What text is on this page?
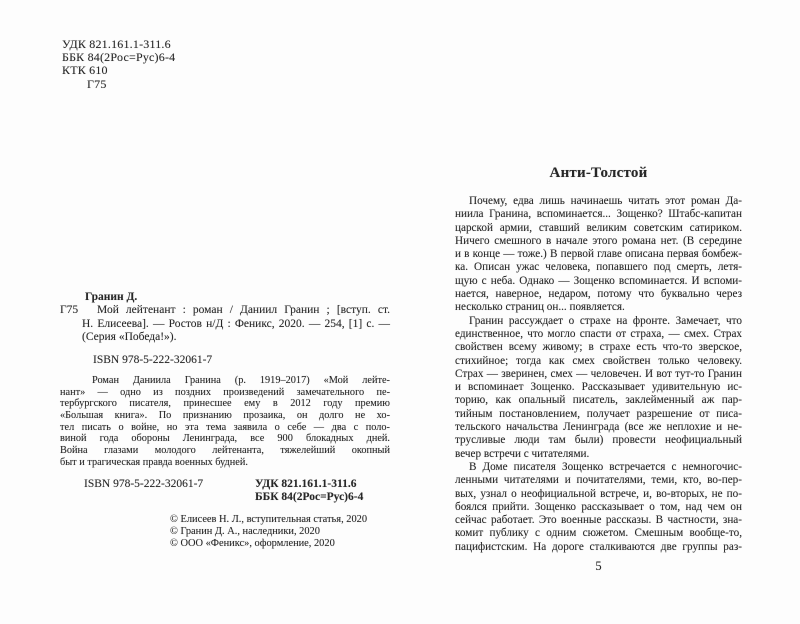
УДК 821.161.1-311.6
ББК 84(2Рос=Рус)6-4
КТК 610
Г75
Гранин Д.
Г75	Мой лейтенант : роман / Даниил Гранин ; [вступ. ст.
Н. Елисеева]. — Ростов н/Д : Феникс, 2020. — 254, [1] с. —
(Серия «Победа!»).
ISBN 978-5-222-32061-7
Роман Даниила Гранина (р. 1919–2017) «Мой лейте-
нант» — одно из поздних произведений замечательного пе-
тербургского писателя, принесшее ему в 2012 году премию
«Большая книга». По признанию прозаика, он долго не хо-
тел писать о войне, но эта тема заявила о себе — два с поло-
виной года обороны Ленинграда, все 900 блокадных дней.
Война глазами молодого лейтенанта, тяжелейший окопный
быт и трагическая правда военных будней.
ISBN 978-5-222-32061-7	УДК 821.161.1-311.6
ББК 84(2Рос=Рус)6-4
© Елисеев Н. Л., вступительная статья, 2020
© Гранин Д. А., наследники, 2020
© ООО «Феникс», оформление, 2020
Анти-Толстой
Почему, едва лишь начинаешь читать этот роман Да-
ниила Гранина, вспоминается... Зощенко? Штабс-капитан
царской армии, ставший великим советским сатириком.
Ничего смешного в начале этого романа нет. (В середине
и в конце — тоже.) В первой главе описана первая бомбеж-
ка. Описан ужас человека, попавшего под смерть, летя-
щую с неба. Однако — Зощенко вспоминается. И вспоми-
нается, наверное, недаром, потому что буквально через
несколько страниц он... появляется.
Гранин рассуждает о страхе на фронте. Замечает, что
единственное, что могло спасти от страха, — смех. Страх
свойствен всему живому; в страхе есть что-то зверское,
стихийное; тогда как смех свойствен только человеку.
Страх — зверинен, смех — человечен. И вот тут-то Гранин
и вспоминает Зощенко. Рассказывает удивительную ис-
торию, как опальный писатель, заклейменный аж пар-
тийным постановлением, получает разрешение от писа-
тельского начальства Ленинграда (все же неплохие и не-
трусливые люди там были) провести неофициальный
вечер встречи с читателями.
В Доме писателя Зощенко встречается с немногочис-
ленными читателями и почитателями, теми, кто, во-пер-
вых, узнал о неофициальной встрече, и, во-вторых, не по-
боялся прийти. Зощенко рассказывает о том, над чем он
сейчас работает. Это военные рассказы. В частности, зна-
комит публику с одним сюжетом. Смешным вообще-то,
пацифистским. На дороге сталкиваются две группы раз-
5
